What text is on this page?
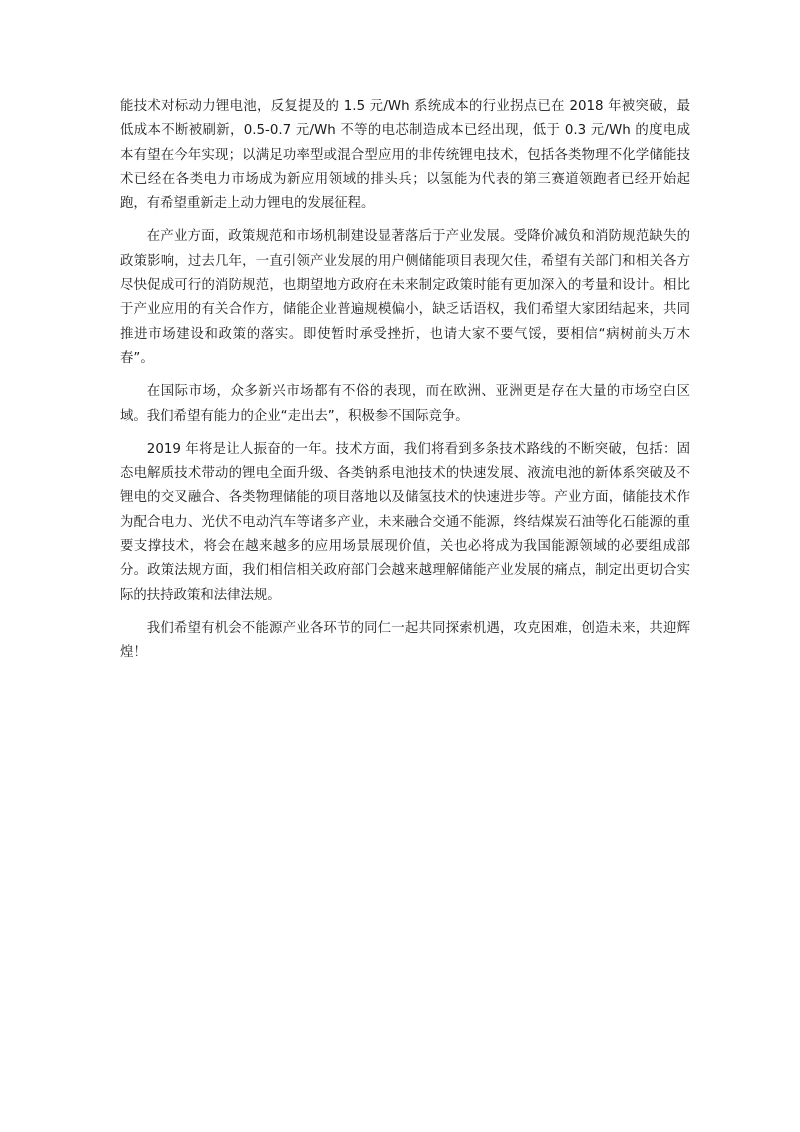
能技术对标动力锂电池，反复提及的 1.5 元/Wh 系统成本的行业拐点已在 2018 年被突破，最低成本不断被刷新，0.5-0.7 元/Wh 不等的电芯制造成本已经出现，低于 0.3 元/Wh 的度电成本有望在今年实现；以满足功率型或混合型应用的非传统锂电技术，包括各类物理不化学储能技术已经在各类电力市场成为新应用领域的排头兵；以氢能为代表的第三赛道领跑者已经开始起跑，有希望重新走上动力锂电的发展征程。

在产业方面，政策规范和市场机制建设显著落后于产业发展。受降价减负和消防规范缺失的政策影响，过去几年，一直引领产业发展的用户侧储能项目表现欠佳，希望有关部门和相关各方尽快促成可行的消防规范，也期望地方政府在未来制定政策时能有更加深入的考量和设计。相比于产业应用的有关合作方，储能企业普遍规模偏小，缺乏话语权，我们希望大家团结起来，共同推进市场建设和政策的落实。即使暂时承受挫折，也请大家不要气馁，要相信“病树前头万木春”。

在国际市场，众多新兴市场都有不俗的表现，而在欧洲、亚洲更是存在大量的市场空白区域。我们希望有能力的企业“走出去”，积极参不国际竞争。

2019 年将是让人振奋的一年。技术方面，我们将看到多条技术路线的不断突破，包括：固态电解质技术带动的锂电全面升级、各类钠系电池技术的快速发展、液流电池的新体系突破及不锂电的交叉融合、各类物理储能的项目落地以及储氢技术的快速进步等。产业方面，储能技术作为配合电力、光伏不电动汽车等诸多产业，未来融合交通不能源，终结煤炭石油等化石能源的重要支撑技术，将会在越来越多的应用场景展现价值，关也必将成为我国能源领域的必要组成部分。政策法规方面，我们相信相关政府部门会越来越理解储能产业发展的痛点，制定出更切合实际的扶持政策和法律法规。

我们希望有机会不能源产业各环节的同仁一起共同探索机遇，攻克困难，创造未来，共迎辉煌！
